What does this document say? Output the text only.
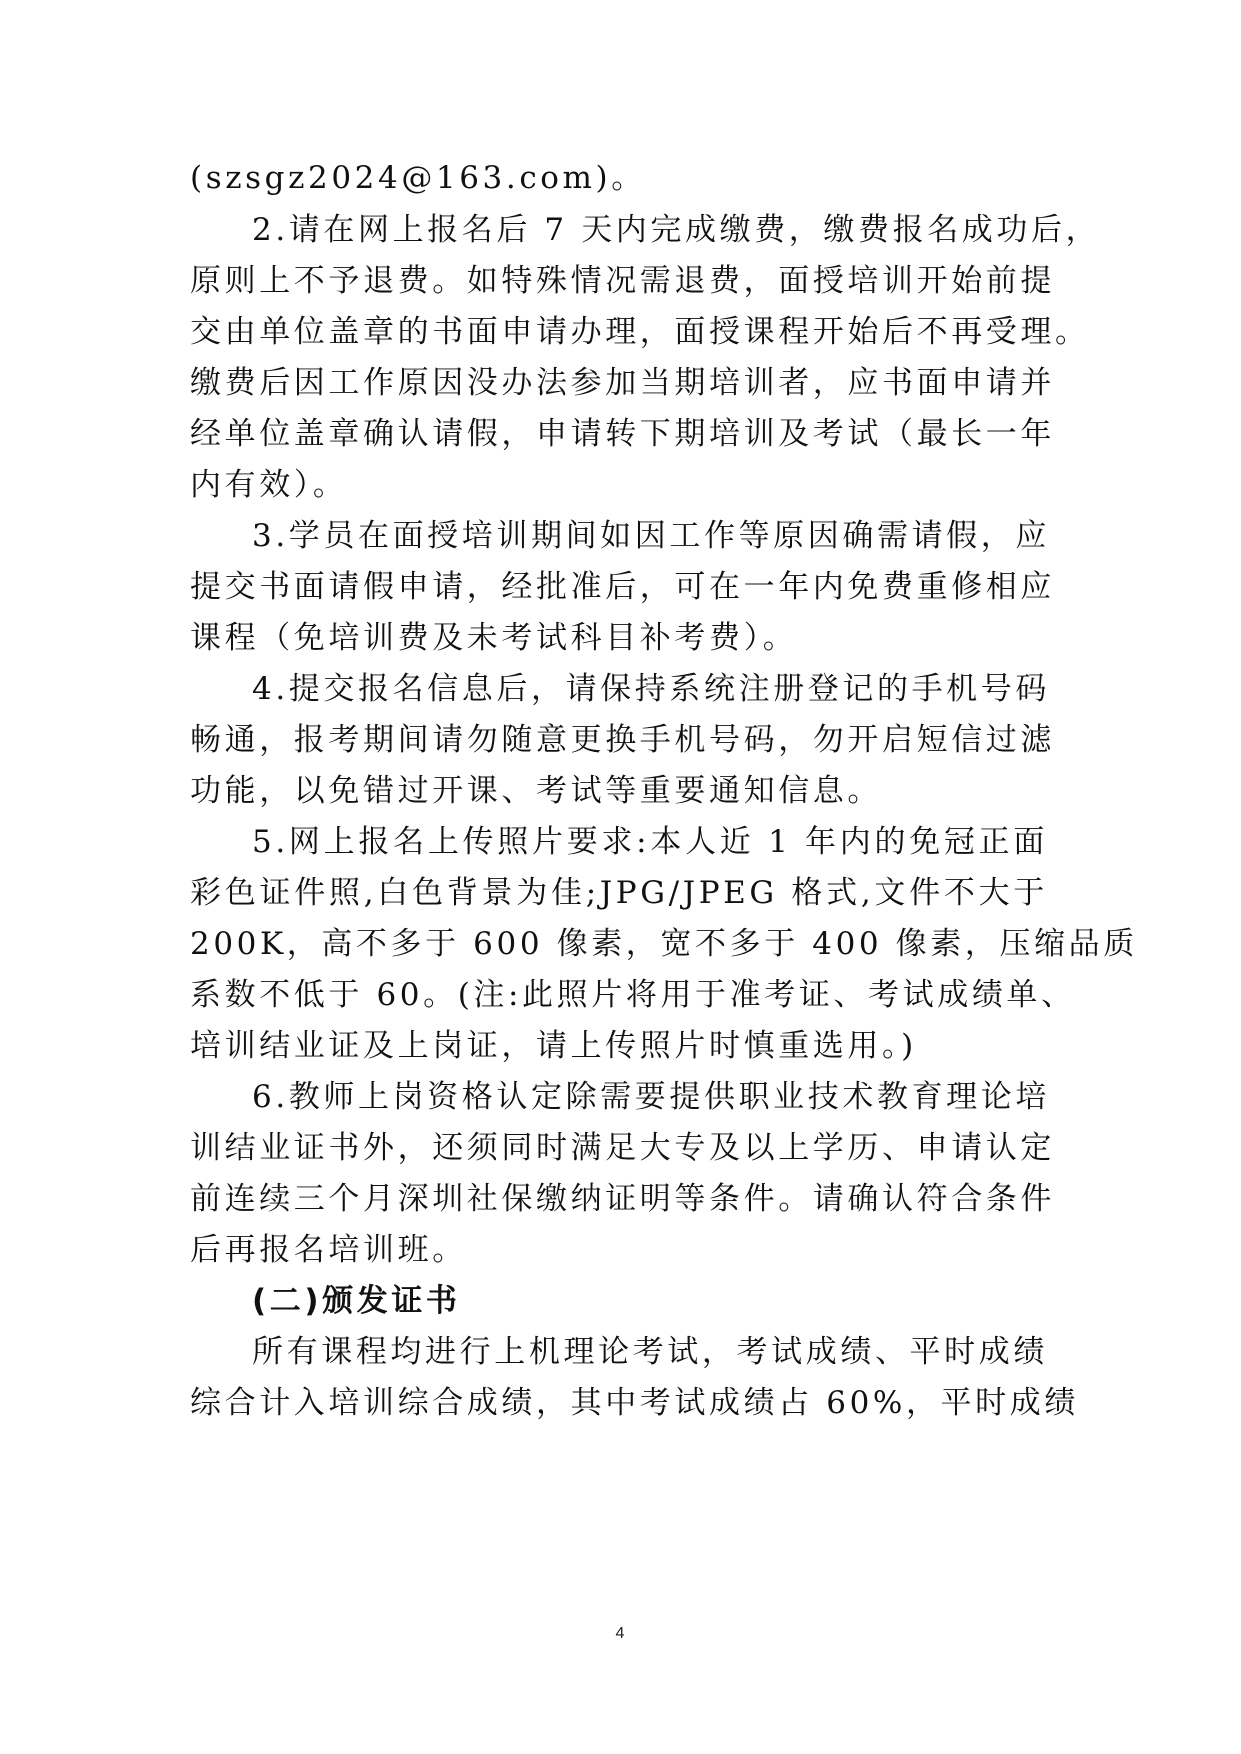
(szsgz2024@163.com)。
2.请在网上报名后 7 天内完成缴费，缴费报名成功后，
原则上不予退费。如特殊情况需退费，面授培训开始前提
交由单位盖章的书面申请办理，面授课程开始后不再受理。
缴费后因工作原因没办法参加当期培训者，应书面申请并
经单位盖章确认请假，申请转下期培训及考试（最长一年
内有效）。
3.学员在面授培训期间如因工作等原因确需请假，应
提交书面请假申请，经批准后，可在一年内免费重修相应
课程（免培训费及未考试科目补考费）。
4.提交报名信息后，请保持系统注册登记的手机号码
畅通，报考期间请勿随意更换手机号码，勿开启短信过滤
功能，以免错过开课、考试等重要通知信息。
5.网上报名上传照片要求:本人近 1 年内的免冠正面
彩色证件照,白色背景为佳;JPG/JPEG 格式,文件不大于
200K，高不多于 600 像素，宽不多于 400 像素，压缩品质
系数不低于 60。(注:此照片将用于准考证、考试成绩单、
培训结业证及上岗证，请上传照片时慎重选用。)
6.教师上岗资格认定除需要提供职业技术教育理论培
训结业证书外，还须同时满足大专及以上学历、申请认定
前连续三个月深圳社保缴纳证明等条件。请确认符合条件
后再报名培训班。
(二)颁发证书
所有课程均进行上机理论考试，考试成绩、平时成绩
综合计入培训综合成绩，其中考试成绩占 60%，平时成绩
4
